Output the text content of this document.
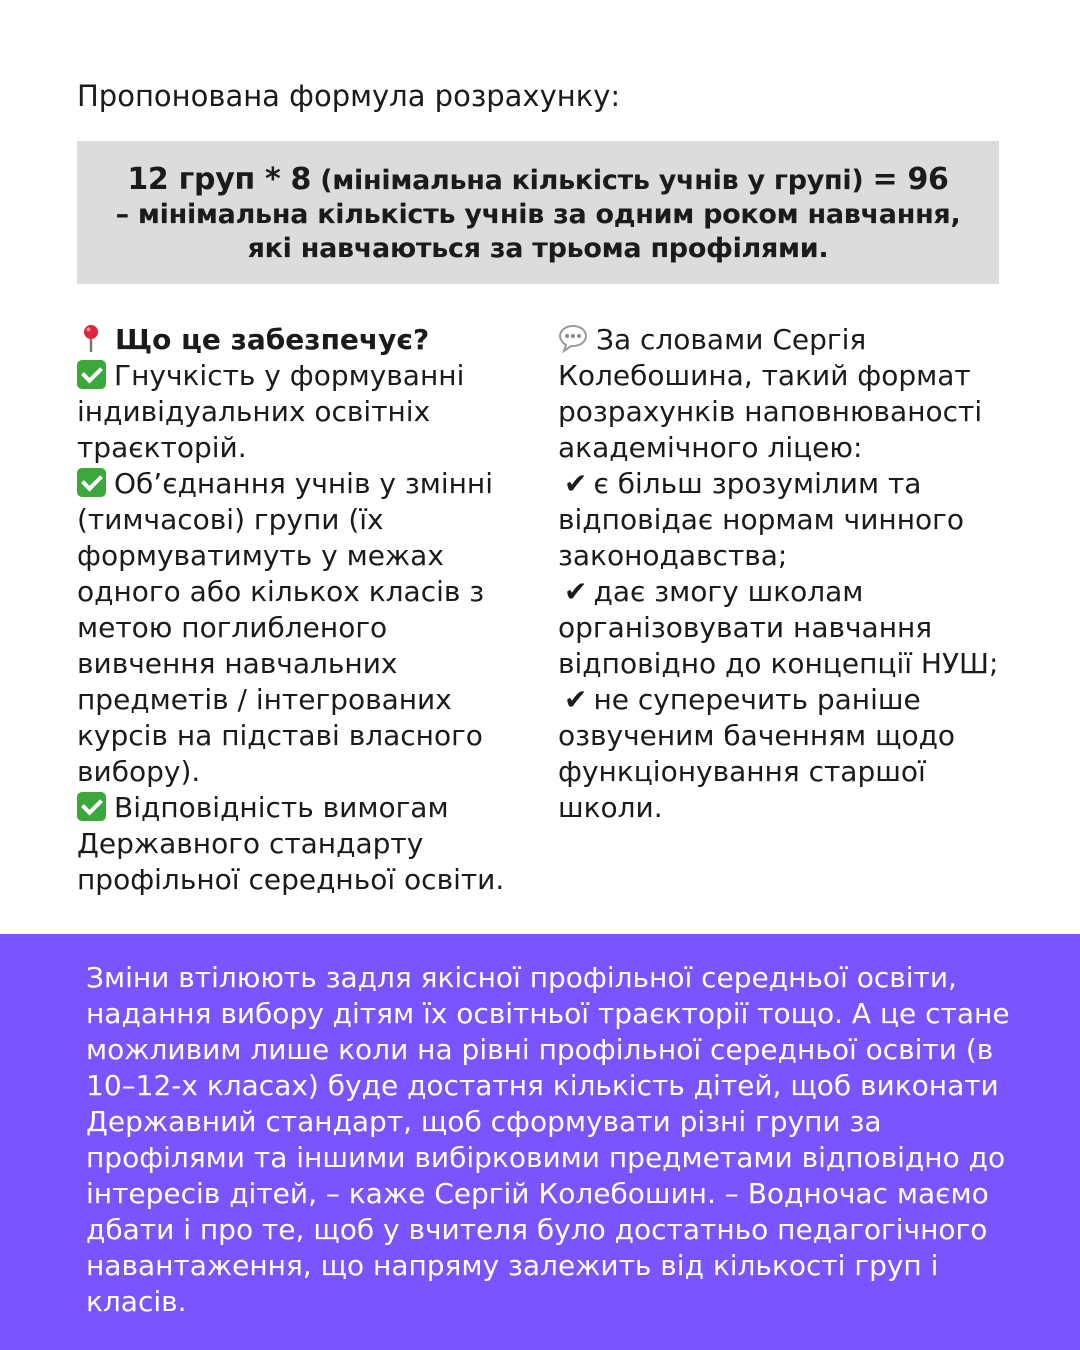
Пропонована формула розрахунку:

12 груп * 8 (мінімальна кількість учнів у групі) = 96
– мінімальна кількість учнів за одним роком навчання,
які навчаються за трьома профілями.

Що це забезпечує?

Гнучкість у формуванні індивідуальних освітніх траєкторій.

Об’єднання учнів у змінні (тимчасові) групи (їх формуватимуть у межах одного або кількох класів з метою поглибленого вивчення навчальних предметів / інтегрованих курсів на підставі власного вибору).

Відповідність вимогам Державного стандарту профільної середньої освіти.

За словами Сергія Колебошина, такий формат розрахунків наповнюваності академічного ліцею:

✔ є більш зрозумілим та відповідає нормам чинного законодавства;

✔ дає змогу школам організовувати навчання відповідно до концепції НУШ;

✔ не суперечить раніше озвученим баченням щодо функціонування старшої школи.

Зміни втілюють задля якісної профільної середньої освіти, надання вибору дітям їх освітньої траєкторії тощо. А це стане можливим лише коли на рівні профільної середньої освіти (в 10–12-х класах) буде достатня кількість дітей, щоб виконати Державний стандарт, щоб сформувати різні групи за профілями та іншими вибірковими предметами відповідно до інтересів дітей, – каже Сергій Колебошин. – Водночас маємо дбати і про те, щоб у вчителя було достатньо педагогічного навантаження, що напряму залежить від кількості груп і класів.
